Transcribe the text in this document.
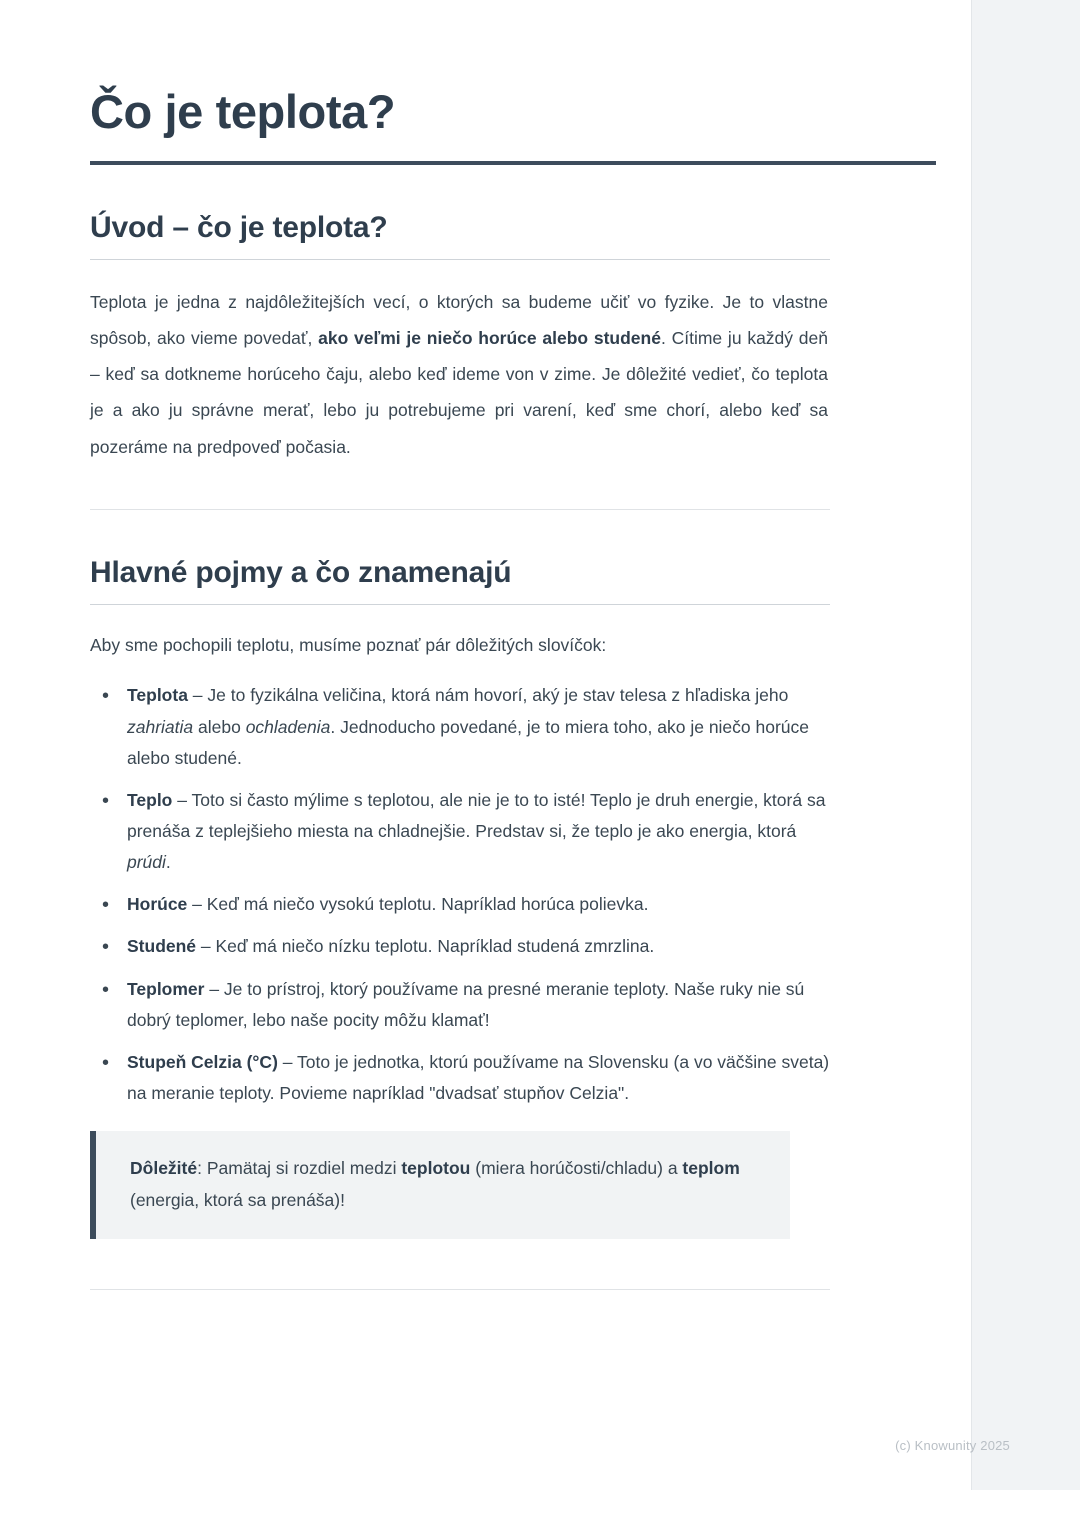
Čo je teplota?
Úvod – čo je teplota?

Teplota je jedna z najdôležitejších vecí, o ktorých sa budeme učiť vo fyzike. Je to vlastne spôsob, ako vieme povedať, ako veľmi je niečo horúce alebo studené. Cítime ju každý deň – keď sa dotkneme horúceho čaju, alebo keď ideme von v zime. Je dôležité vedieť, čo teplota je a ako ju správne merať, lebo ju potrebujeme pri varení, keď sme chorí, alebo keď sa pozeráme na predpoveď počasia.

Hlavné pojmy a čo znamenajú

Aby sme pochopili teplotu, musíme poznať pár dôležitých slovíčok:

• Teplota – Je to fyzikálna veličina, ktorá nám hovorí, aký je stav telesa z hľadiska jeho zahriatia alebo ochladenia. Jednoducho povedané, je to miera toho, ako je niečo horúce alebo studené.
• Teplo – Toto si často mýlime s teplotou, ale nie je to to isté! Teplo je druh energie, ktorá sa prenáša z teplejšieho miesta na chladnejšie. Predstav si, že teplo je ako energia, ktorá prúdi.
• Horúce – Keď má niečo vysokú teplotu. Napríklad horúca polievka.
• Studené – Keď má niečo nízku teplotu. Napríklad studená zmrzlina.
• Teplomer – Je to prístroj, ktorý používame na presné meranie teploty. Naše ruky nie sú dobrý teplomer, lebo naše pocity môžu klamať!
• Stupeň Celzia (°C) – Toto je jednotka, ktorú používame na Slovensku (a vo väčšine sveta) na meranie teploty. Povieme napríklad "dvadsať stupňov Celzia".

Dôležité: Pamätaj si rozdiel medzi teplotou (miera horúčosti/chladu) a teplom (energia, ktorá sa prenáša)!

(c) Knowunity 2025
